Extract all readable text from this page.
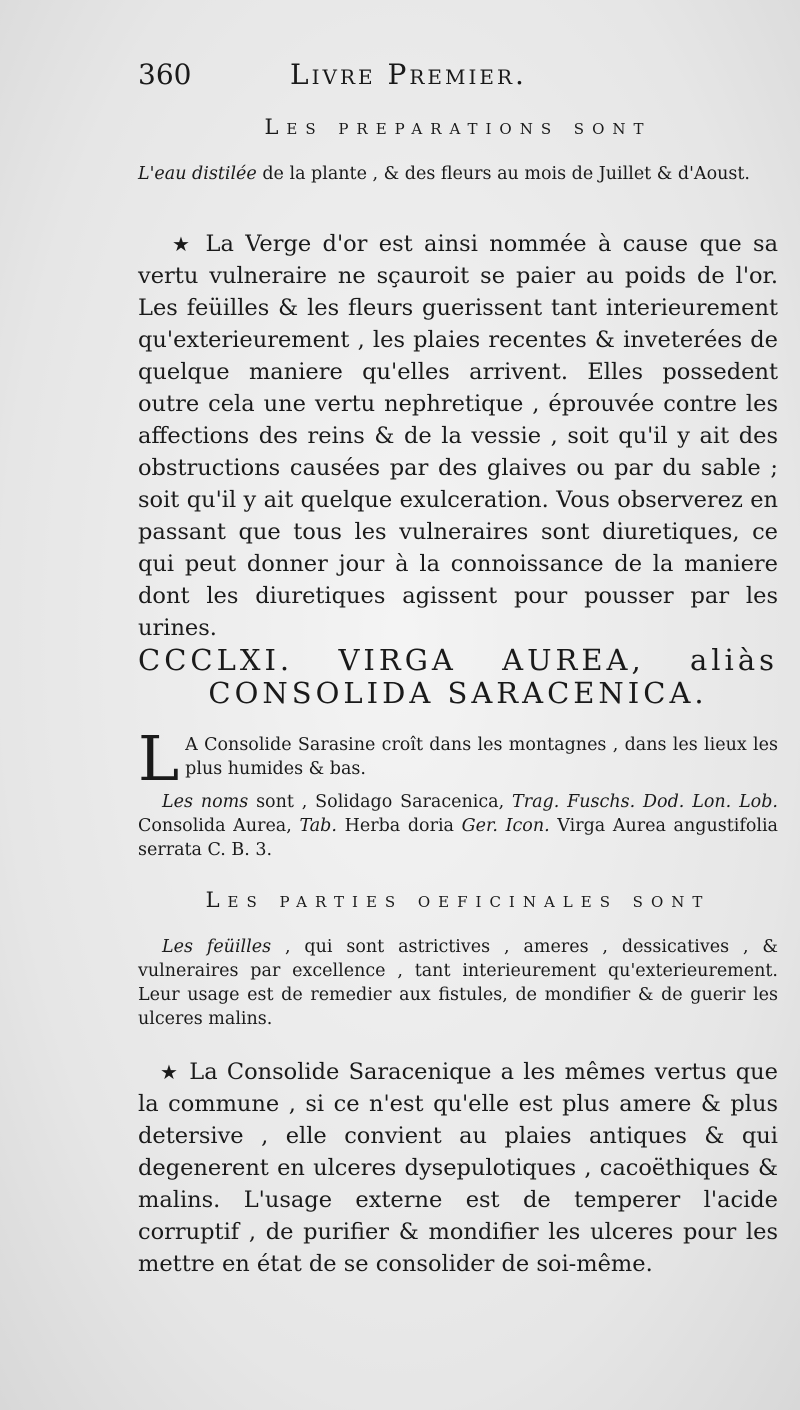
360	Livre Premier.
Les preparations sont

L'eau distilée de la plante , & des fleurs au mois de Juillet & d'Aoust.

★ La Verge d'or est ainsi nommée à cause que sa vertu vulneraire ne sçauroit se paier au poids de l'or. Les feüilles & les fleurs guerissent tant interieurement qu'exterieurement , les plaies recentes & inveterées de quelque maniere qu'elles arrivent. Elles possedent outre cela une vertu nephretique , éprouvée contre les affections des reins & de la vessie , soit qu'il y ait des obstructions causées par des glaives ou par du sable ; soit qu'il y ait quelque exulceration. Vous observerez en passant que tous les vulneraires sont diuretiques, ce qui peut donner jour à la connoissance de la maniere dont les diuretiques agissent pour pousser par les urines.

CCCLXI. VIRGA AUREA, aliàs
CONSOLIDA SARACENICA.

L A Consolide Sarasine croît dans les montagnes , dans les lieux les plus humides & bas.

Les noms sont , Solidago Saracenica, Trag. Fuschs. Dod. Lon. Lob. Consolida Aurea, Tab. Herba doria Ger. Icon. Virga Aurea angustifolia serrata C. B. 3.

Les parties oeficinales sont

Les feüilles , qui sont astrictives , ameres , dessicatives , & vulneraires par excellence , tant interieurement qu'exterieurement. Leur usage est de remedier aux fistules, de mondifier & de guerir les ulceres malins.

★ La Consolide Saracenique a les mêmes vertus que la commune , si ce n'est qu'elle est plus amere & plus detersive , elle convient au plaies antiques & qui degenerent en ulceres dysepulotiques , cacoëthiques & malins. L'usage externe est de temperer l'acide corruptif , de purifier & mondifier les ulceres pour les mettre en état de se consolider de soi-même.
